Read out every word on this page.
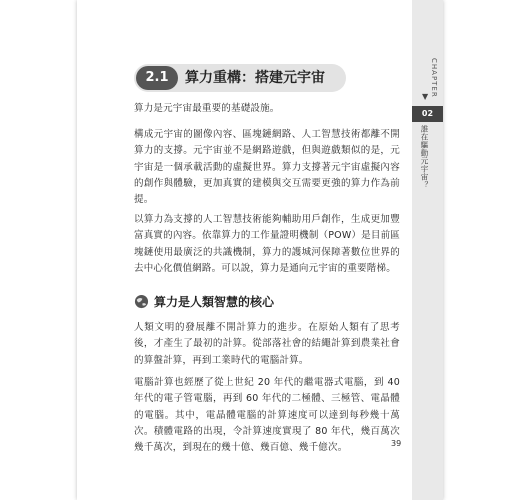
CHAPTER
▼
02
誰在驅動元宇宙？
2.1	算力重構：搭建元宇宙

算力是元宇宙最重要的基礎設施。

構成元宇宙的圖像內容、區塊鏈網路、人工智慧技術都離不開算力的支撐。元宇宙並不是網路遊戲，但與遊戲類似的是，元宇宙是一個承載活動的虛擬世界。算力支撐著元宇宙虛擬內容的創作與體驗，更加真實的建模與交互需要更強的算力作為前提。

以算力為支撐的人工智慧技術能夠輔助用戶創作，生成更加豐富真實的內容。依靠算力的工作量證明機制（POW）是目前區塊鏈使用最廣泛的共識機制，算力的護城河保障著數位世界的去中心化價值網路。可以說，算力是通向元宇宙的重要階梯。

算力是人類智慧的核心

人類文明的發展離不開計算力的進步。在原始人類有了思考後，才產生了最初的計算。從部落社會的結繩計算到農業社會的算盤計算，再到工業時代的電腦計算。

電腦計算也經歷了從上世紀 20 年代的繼電器式電腦，到 40 年代的電子管電腦，再到 60 年代的二極體、三極管、電晶體的電腦。其中，電晶體電腦的計算速度可以達到每秒幾十萬次。積體電路的出現，令計算速度實現了 80 年代，幾百萬次幾千萬次，到現在的幾十億、幾百億、幾千億次。	39
